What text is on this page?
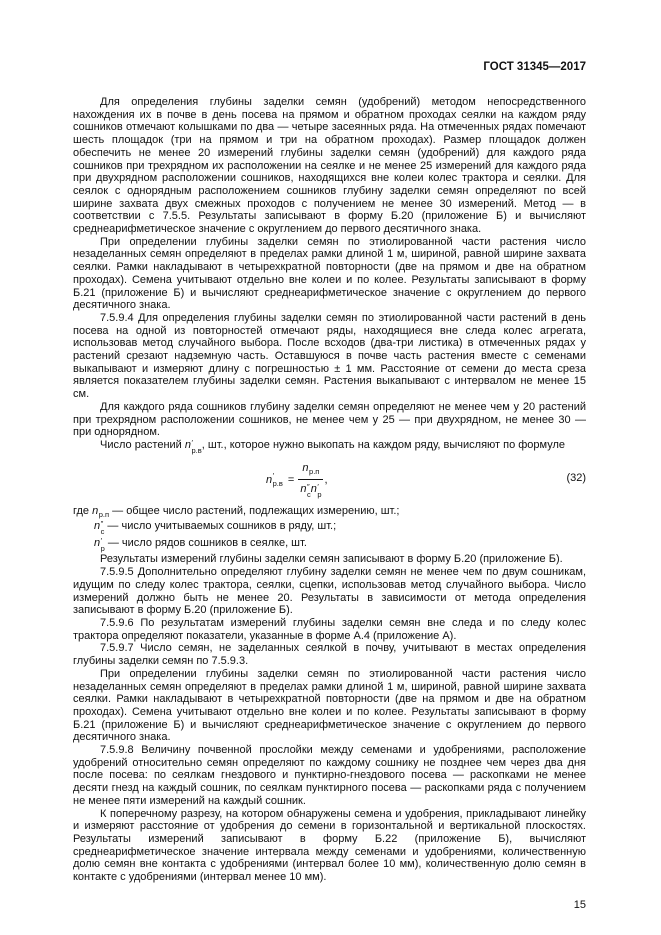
ГОСТ 31345—2017

Для определения глубины заделки семян (удобрений) методом непосредственного нахождения их в почве в день посева на прямом и обратном проходах сеялки на каждом ряду сошников отмечают колышками по два — четыре засеянных ряда. На отмеченных рядах помечают шесть площадок (три на прямом и три на обратном проходах). Размер площадок должен обеспечить не менее 20 измерений глубины заделки семян (удобрений) для каждого ряда сошников при трехрядном их расположении на сеялке и не менее 25 измерений для каждого ряда при двухрядном расположении сошников, находящихся вне колеи колес трактора и сеялки. Для сеялок с однорядным расположением сошников глубину заделки семян определяют по всей ширине захвата двух смежных проходов с получением не менее 30 измерений. Метод — в соответствии с 7.5.5. Результаты записывают в форму Б.20 (приложение Б) и вычисляют среднеарифметическое значение с округлением до первого десятичного знака.

При определении глубины заделки семян по этиолированной части растения число незаделанных семян определяют в пределах рамки длиной 1 м, шириной, равной ширине захвата сеялки. Рамки накладывают в четырехкратной повторности (две на прямом и две на обратном проходах). Семена учитывают отдельно вне колеи и по колее. Результаты записывают в форму Б.21 (приложение Б) и вычисляют среднеарифметическое значение с округлением до первого десятичного знака.

7.5.9.4 Для определения глубины заделки семян по этиолированной части растений в день посева на одной из повторностей отмечают ряды, находящиеся вне следа колес агрегата, использовав метод случайного выбора. После всходов (два-три листика) в отмеченных рядах у растений срезают надземную часть. Оставшуюся в почве часть растения вместе с семенами выкапывают и измеряют длину с погрешностью ± 1 мм. Расстояние от семени до места среза является показателем глубины заделки семян. Растения выкапывают с интервалом не менее 15 см.

Для каждого ряда сошников глубину заделки семян определяют не менее чем у 20 растений при трехрядном расположении сошников, не менее чем у 25 — при двухрядном, не менее 30 — при однорядном.

Число растений n ′
р.в , шт., которое нужно выкопать на каждом ряду, вычисляют по формуле

n ′
$р.в = n_{р.п}$
n ″
с n ′
р ,	(32)

где $n_{р.п}$ — общее число растений, подлежащих измерению, шт.;

n ″
с — число учитываемых сошников в ряду, шт.;

n ′
р — число рядов сошников в сеялке, шт.

Результаты измерений глубины заделки семян записывают в форму Б.20 (приложение Б).

7.5.9.5 Дополнительно определяют глубину заделки семян не менее чем по двум сошникам, идущим по следу колес трактора, сеялки, сцепки, использовав метод случайного выбора. Число измерений должно быть не менее 20. Результаты в зависимости от метода определения записывают в форму Б.20 (приложение Б).

7.5.9.6 По результатам измерений глубины заделки семян вне следа и по следу колес трактора определяют показатели, указанные в форме А.4 (приложение А).

7.5.9.7 Число семян, не заделанных сеялкой в почву, учитывают в местах определения глубины заделки семян по 7.5.9.3.

При определении глубины заделки семян по этиолированной части растения число незаделанных семян определяют в пределах рамки длиной 1 м, шириной, равной ширине захвата сеялки. Рамки накладывают в четырехкратной повторности (две на прямом и две на обратном проходах). Семена учитывают отдельно вне колеи и по колее. Результаты записывают в форму Б.21 (приложение Б) и вычисляют среднеарифметическое значение с округлением до первого десятичного знака.

7.5.9.8 Величину почвенной прослойки между семенами и удобрениями, расположение удобрений относительно семян определяют по каждому сошнику не позднее чем через два дня после посева: по сеялкам гнездового и пунктирно-гнездового посева — раскопками не менее десяти гнезд на каждый сошник, по сеялкам пунктирного посева — раскопками ряда с получением не менее пяти измерений на каждый сошник.

К поперечному разрезу, на котором обнаружены семена и удобрения, прикладывают линейку и измеряют расстояние от удобрения до семени в горизонтальной и вертикальной плоскостях. Результаты измерений записывают в форму Б.22 (приложение Б), вычисляют среднеарифметическое значение интервала между семенами и удобрениями, количественную долю семян вне контакта с удобрениями (интервал более 10 мм), количественную долю семян в контакте с удобрениями (интервал менее 10 мм).

15
